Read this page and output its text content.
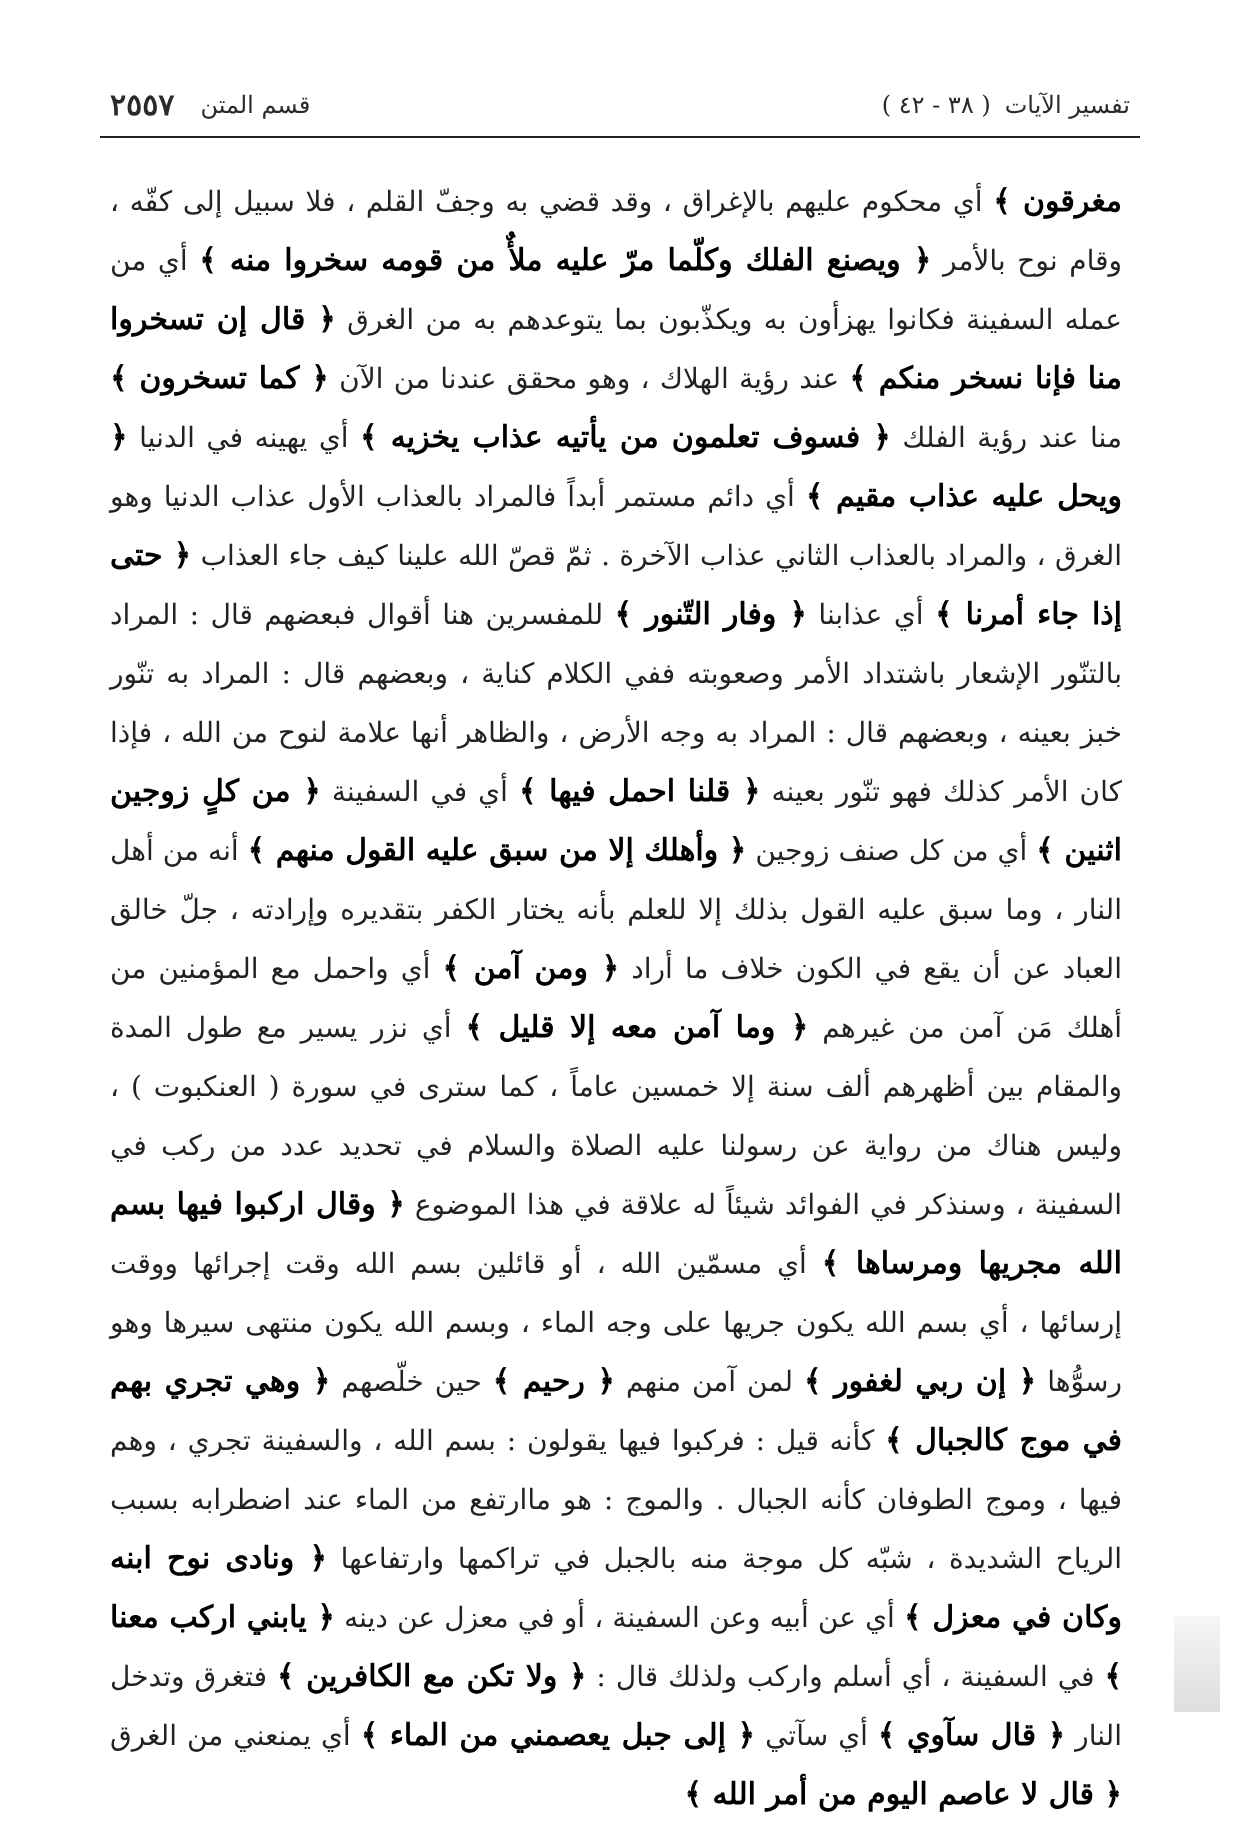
تفسير الآيات
( ٣٨ - ٤٢ )
قسم المتن
٢٥٥٧

مغرقون ﴾ أي محكوم عليهم بالإغراق ، وقد قضي به وجفّ القلم ، فلا سبيل إلى كفّه ، وقام نوح بالأمر ﴿ ويصنع الفلك وكلّما مرّ عليه ملأٌ من قومه سخروا منه ﴾ أي من عمله السفينة فكانوا يهزأون به ويكذّبون بما يتوعدهم به من الغرق ﴿ قال إن تسخروا منا فإنا نسخر منكم ﴾ عند رؤية الهلاك ، وهو محقق عندنا من الآن ﴿ كما تسخرون ﴾ منا عند رؤية الفلك ﴿ فسوف تعلمون من يأتيه عذاب يخزيه ﴾ أي يهينه في الدنيا ﴿ ويحل عليه عذاب مقيم ﴾ أي دائم مستمر أبداً فالمراد بالعذاب الأول عذاب الدنيا وهو الغرق ، والمراد بالعذاب الثاني عذاب الآخرة . ثمّ قصّ الله علينا كيف جاء العذاب ﴿ حتى إذا جاء أمرنا ﴾ أي عذابنا ﴿ وفار التّنور ﴾ للمفسرين هنا أقوال فبعضهم قال : المراد بالتنّور الإشعار باشتداد الأمر وصعوبته ففي الكلام كناية ، وبعضهم قال : المراد به تنّور خبز بعينه ، وبعضهم قال : المراد به وجه الأرض ، والظاهر أنها علامة لنوح من الله ، فإذا كان الأمر كذلك فهو تنّور بعينه ﴿ قلنا احمل فيها ﴾ أي في السفينة ﴿ من كلٍ زوجين اثنين ﴾ أي من كل صنف زوجين ﴿ وأهلك إلا من سبق عليه القول منهم ﴾ أنه من أهل النار ، وما سبق عليه القول بذلك إلا للعلم بأنه يختار الكفر بتقديره وإرادته ، جلّ خالق العباد عن أن يقع في الكون خلاف ما أراد ﴿ ومن آمن ﴾ أي واحمل مع المؤمنين من أهلك مَن آمن من غيرهم ﴿ وما آمن معه إلا قليل ﴾ أي نزر يسير مع طول المدة والمقام بين أظهرهم ألف سنة إلا خمسين عاماً ، كما سترى في سورة ( العنكبوت ) ، وليس هناك من رواية عن رسولنا عليه الصلاة والسلام في تحديد عدد من ركب في السفينة ، وسنذكر في الفوائد شيئاً له علاقة في هذا الموضوع ﴿ وقال اركبوا فيها بسم الله مجريها ومرساها ﴾ أي مسمّين الله ، أو قائلين بسم الله وقت إجرائها ووقت إرسائها ، أي بسم الله يكون جريها على وجه الماء ، وبسم الله يكون منتهى سيرها وهو رسوُّها ﴿ إن ربي لغفور ﴾ لمن آمن منهم ﴿ رحيم ﴾ حين خلّصهم ﴿ وهي تجري بهم في موج كالجبال ﴾ كأنه قيل : فركبوا فيها يقولون : بسم الله ، والسفينة تجري ، وهم فيها ، وموج الطوفان كأنه الجبال . والموج : هو ماارتفع من الماء عند اضطرابه بسبب الرياح الشديدة ، شبّه كل موجة منه بالجبل في تراكمها وارتفاعها ﴿ ونادى نوح ابنه وكان في معزل ﴾ أي عن أبيه وعن السفينة ، أو في معزل عن دينه ﴿ يابني اركب معنا ﴾ في السفينة ، أي أسلم واركب ولذلك قال : ﴿ ولا تكن مع الكافرين ﴾ فتغرق وتدخل النار ﴿ قال سآوي ﴾ أي سآتي ﴿ إلى جبل يعصمني من الماء ﴾ أي يمنعني من الغرق ﴿ قال لا عاصم اليوم من أمر الله ﴾
